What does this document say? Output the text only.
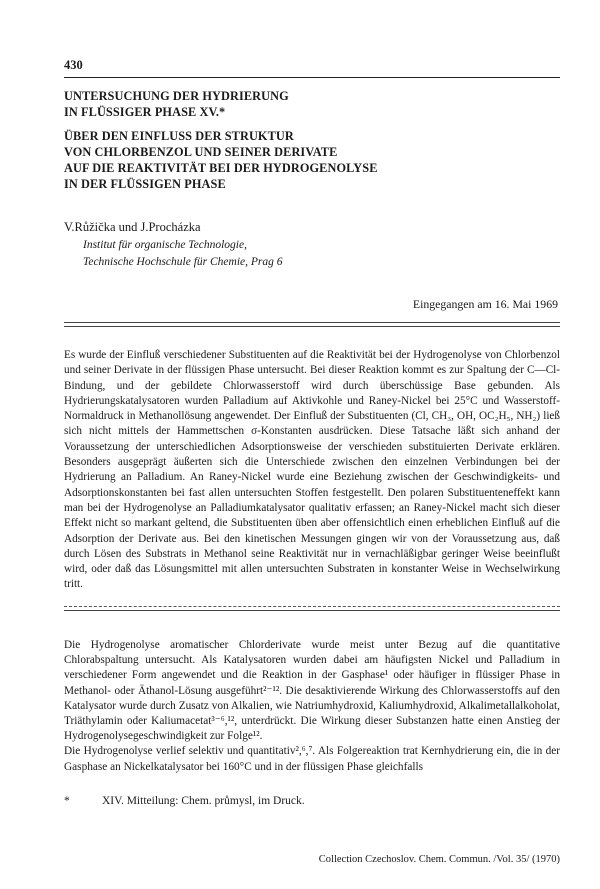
430
UNTERSUCHUNG DER HYDRIERUNG
IN FLÜSSIGER PHASE XV.*
ÜBER DEN EINFLUSS DER STRUKTUR
VON CHLORBENZOL UND SEINER DERIVATE
AUF DIE REAKTIVITÄT BEI DER HYDROGENOLYSE
IN DER FLÜSSIGEN PHASE
V.Růžička und J.Procházka
Institut für organische Technologie,
Technische Hochschule für Chemie, Prag 6
Eingegangen am 16. Mai 1969

Es wurde der Einfluß verschiedener Substituenten auf die Reaktivität bei der Hydrogenolyse von Chlorbenzol und seiner Derivate in der flüssigen Phase untersucht. Bei dieser Reaktion kommt es zur Spaltung der C—Cl-Bindung, und der gebildete Chlorwasserstoff wird durch überschüssige Base gebunden. Als Hydrierungskatalysatoren wurden Palladium auf Aktivkohle und Raney-Nickel bei 25°C und Wasserstoff-Normaldruck in Methanollösung angewendet. Der Einfluß der Substituenten (Cl, CH₃, OH, OC₂H₅, NH₂) ließ sich nicht mittels der Hammettschen σ-Konstanten ausdrücken. Diese Tatsache läßt sich anhand der Voraussetzung der unterschiedlichen Adsorptionsweise der verschieden substituierten Derivate erklären. Besonders ausgeprägt äußerten sich die Unterschiede zwischen den einzelnen Verbindungen bei der Hydrierung an Palladium. An Raney-Nickel wurde eine Beziehung zwischen der Geschwindigkeits- und Adsorptionskonstanten bei fast allen untersuchten Stoffen festgestellt. Den polaren Substituenteneffekt kann man bei der Hydrogenolyse an Palladiumkatalysator qualitativ erfassen; an Raney-Nickel macht sich dieser Effekt nicht so markant geltend, die Substituenten üben aber offensichtlich einen erheblichen Einfluß auf die Adsorption der Derivate aus. Bei den kinetischen Messungen gingen wir von der Voraussetzung aus, daß durch Lösen des Substrats in Methanol seine Reaktivität nur in vernachläßigbar geringer Weise beeinflußt wird, oder daß das Lösungsmittel mit allen untersuchten Substraten in konstanter Weise in Wechselwirkung tritt.

Die Hydrogenolyse aromatischer Chlorderivate wurde meist unter Bezug auf die quantitative Chlorabspaltung untersucht. Als Katalysatoren wurden dabei am häufigsten Nickel und Palladium in verschiedener Form angewendet und die Reaktion in der Gasphase¹ oder häufiger in flüssiger Phase in Methanol- oder Äthanol-Lösung ausgeführt²⁻¹². Die desaktivierende Wirkung des Chlorwasserstoffs auf den Katalysator wurde durch Zusatz von Alkalien, wie Natriumhydroxid, Kaliumhydroxid, Alkalimetallalkoholat, Triäthylamin oder Kaliumacetat³⁻⁶,¹², unterdrückt. Die Wirkung dieser Substanzen hatte einen Anstieg der Hydrogenolysegeschwindigkeit zur Folge¹².

Die Hydrogenolyse verlief selektiv und quantitativ²,⁶,⁷. Als Folgereaktion trat Kernhydrierung ein, die in der Gasphase an Nickelkatalysator bei 160°C und in der flüssigen Phase gleichfalls

*	XIV. Mitteilung: Chem. průmysl, im Druck.
Collection Czechoslov. Chem. Commun. /Vol. 35/ (1970)
